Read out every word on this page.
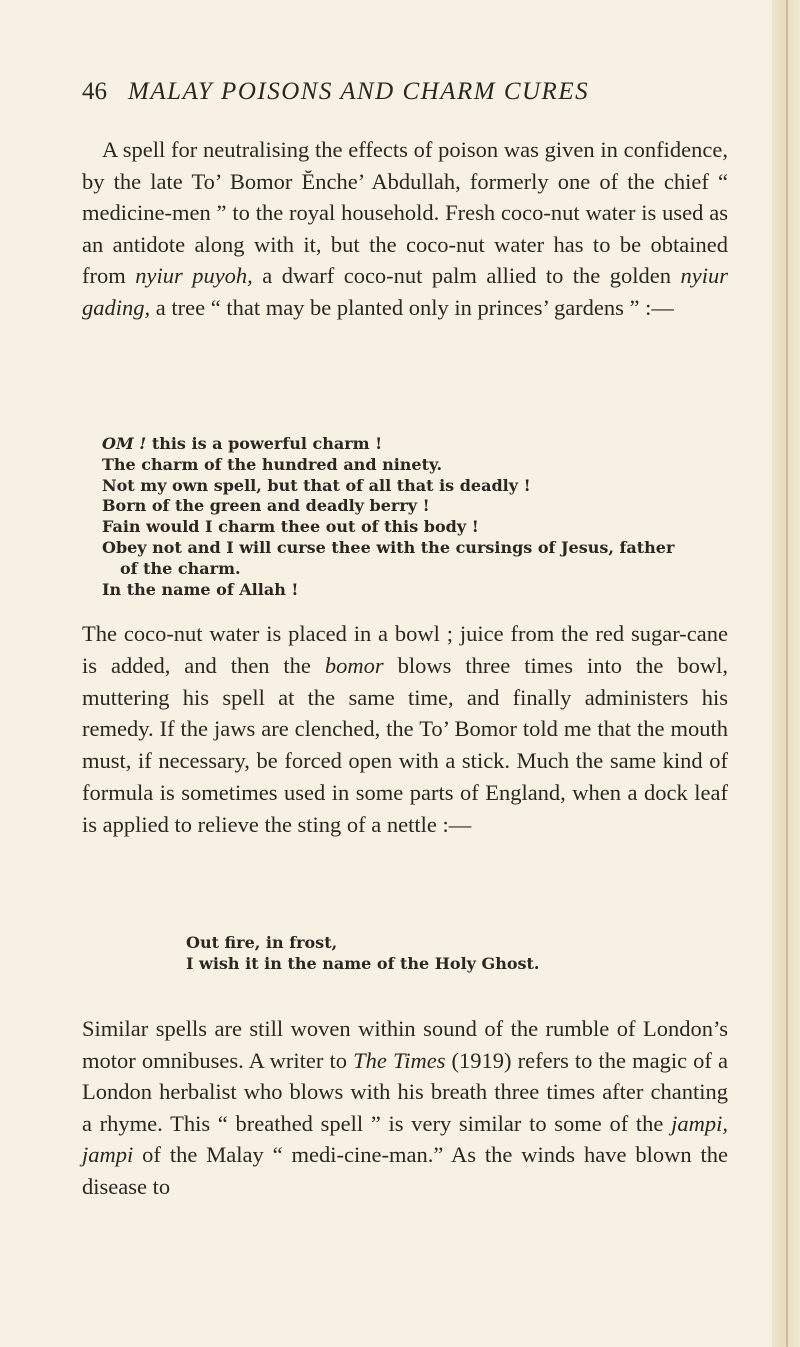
46 MALAY POISONS AND CHARM CURES

A spell for neutralising the effects of poison was given in confidence, by the late To’ Bomor Ĕnche’ Abdullah, formerly one of the chief “ medicine-men ” to the royal household. Fresh coco-nut water is used as an antidote along with it, but the coco-nut water has to be obtained from nyiur puyoh, a dwarf coco-nut palm allied to the golden nyiur gading, a tree “ that may be planted only in princes’ gardens ” :—

OM ! this is a powerful charm !
The charm of the hundred and ninety.
Not my own spell, but that of all that is deadly !
Born of the green and deadly berry !
Fain would I charm thee out of this body !
Obey not and I will curse thee with the cursings of Jesus, father
of the charm.
In the name of Allah !

The coco-nut water is placed in a bowl ; juice from the red sugar-cane is added, and then the bomor blows three times into the bowl, muttering his spell at the same time, and finally administers his remedy. If the jaws are clenched, the To’ Bomor told me that the mouth must, if necessary, be forced open with a stick. Much the same kind of formula is sometimes used in some parts of England, when a dock leaf is applied to relieve the sting of a nettle :—

Out fire, in frost,
I wish it in the name of the Holy Ghost.

Similar spells are still woven within sound of the rumble of London’s motor omnibuses. A writer to The Times (1919) refers to the magic of a London herbalist who blows with his breath three times after chanting a rhyme. This “ breathed spell ” is very similar to some of the jampi, jampi of the Malay “ medi-cine-man.” As the winds have blown the disease to
